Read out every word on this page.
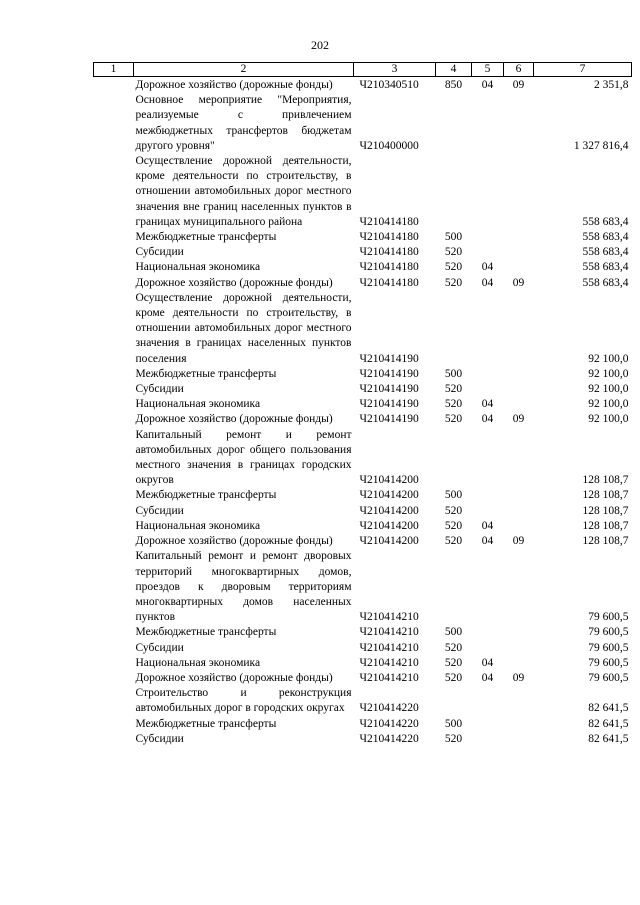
202
1	2	3	4	5	6	7
	Дорожное хозяйство (дорожные фонды)	Ч210340510	850	04	09	2 351,8
	Основное мероприятие "Мероприятия, реализуемые с привлечением межбюджетных трансфертов бюджетам другого уровня"	Ч210400000				1 327 816,4
	Осуществление дорожной деятельности, кроме деятельности по строительству, в отношении автомобильных дорог местного значения вне границ населенных пунктов в границах муниципального района	Ч210414180				558 683,4
	Межбюджетные трансферты	Ч210414180	500			558 683,4
	Субсидии	Ч210414180	520			558 683,4
	Национальная экономика	Ч210414180	520	04		558 683,4
	Дорожное хозяйство (дорожные фонды)	Ч210414180	520	04	09	558 683,4
	Осуществление дорожной деятельности, кроме деятельности по строительству, в отношении автомобильных дорог местного значения в границах населенных пунктов поселения	Ч210414190				92 100,0
	Межбюджетные трансферты	Ч210414190	500			92 100,0
	Субсидии	Ч210414190	520			92 100,0
	Национальная экономика	Ч210414190	520	04		92 100,0
	Дорожное хозяйство (дорожные фонды)	Ч210414190	520	04	09	92 100,0
	Капитальный ремонт и ремонт автомобильных дорог общего пользования местного значения в границах городских округов	Ч210414200				128 108,7
	Межбюджетные трансферты	Ч210414200	500			128 108,7
	Субсидии	Ч210414200	520			128 108,7
	Национальная экономика	Ч210414200	520	04		128 108,7
	Дорожное хозяйство (дорожные фонды)	Ч210414200	520	04	09	128 108,7
	Капитальный ремонт и ремонт дворовых территорий многоквартирных домов, проездов к дворовым территориям многоквартирных домов населенных пунктов	Ч210414210				79 600,5
	Межбюджетные трансферты	Ч210414210	500			79 600,5
	Субсидии	Ч210414210	520			79 600,5
	Национальная экономика	Ч210414210	520	04		79 600,5
	Дорожное хозяйство (дорожные фонды)	Ч210414210	520	04	09	79 600,5
	Строительство и реконструкция автомобильных дорог в городских округах	Ч210414220				82 641,5
	Межбюджетные трансферты	Ч210414220	500			82 641,5
	Субсидии	Ч210414220	520			82 641,5
